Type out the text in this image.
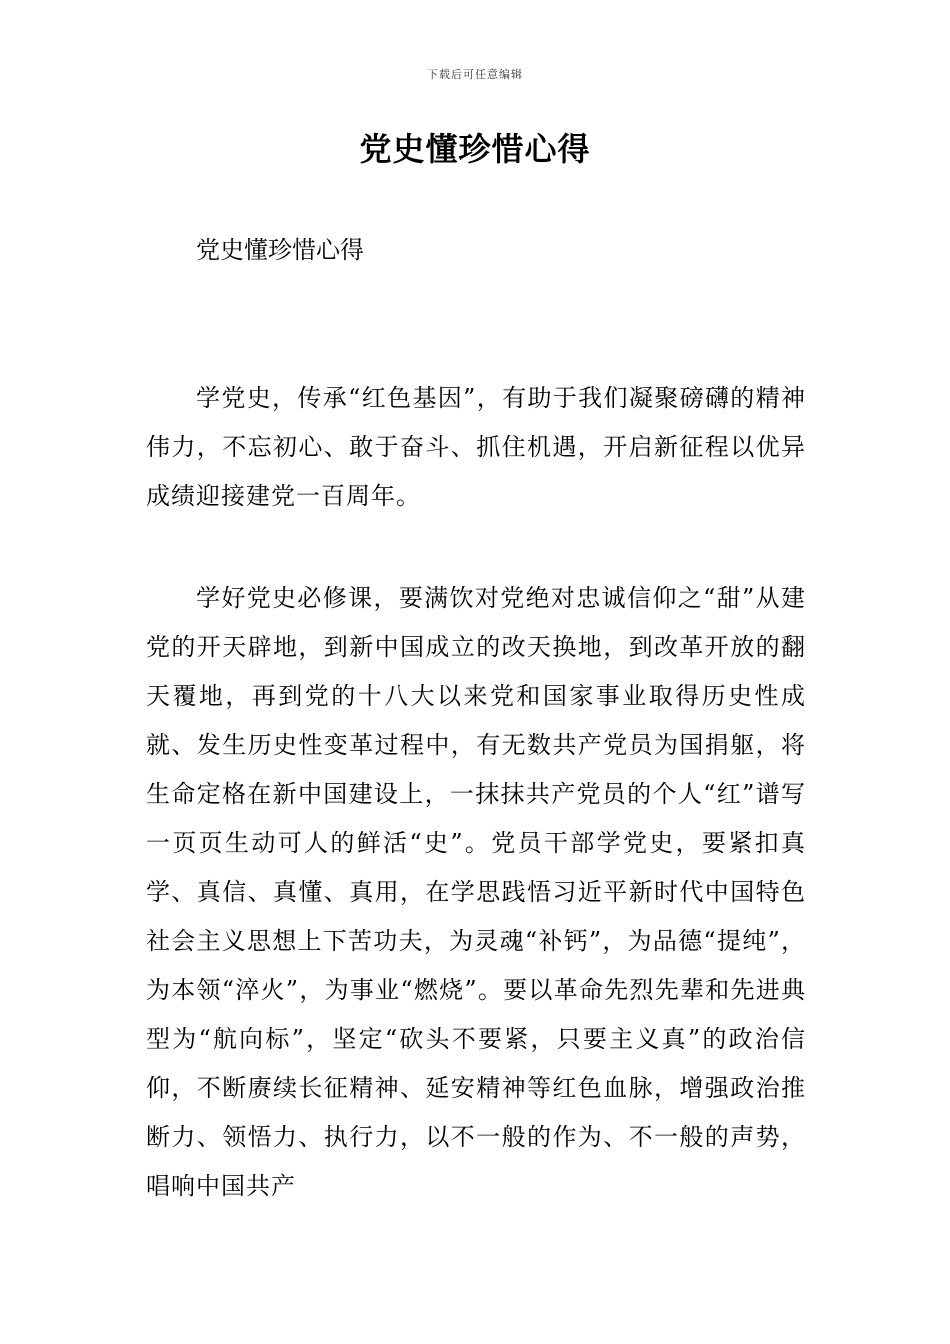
下载后可任意编辑
党史懂珍惜心得

党史懂珍惜心得

学党史，传承“红色基因”，有助于我们凝聚磅礴的精神伟力，不忘初心、敢于奋斗、抓住机遇，开启新征程以优异成绩迎接建党一百周年。

学好党史必修课，要满饮对党绝对忠诚信仰之“甜”从建党的开天辟地，到新中国成立的改天换地，到改革开放的翻天覆地，再到党的十八大以来党和国家事业取得历史性成就、发生历史性变革过程中，有无数共产党员为国捐躯，将生命定格在新中国建设上，一抹抹共产党员的个人“红”谱写一页页生动可人的鲜活“史”。党员干部学党史，要紧扣真学、真信、真懂、真用，在学思践悟习近平新时代中国特色社会主义思想上下苦功夫，为灵魂“补钙”，为品德“提纯”，为本领“淬火”，为事业“燃烧”。要以革命先烈先辈和先进典型为“航向标”，坚定“砍头不要紧，只要主义真”的政治信仰，不断赓续长征精神、延安精神等红色血脉，增强政治推断力、领悟力、执行力，以不一般的作为、不一般的声势，唱响中国共产
